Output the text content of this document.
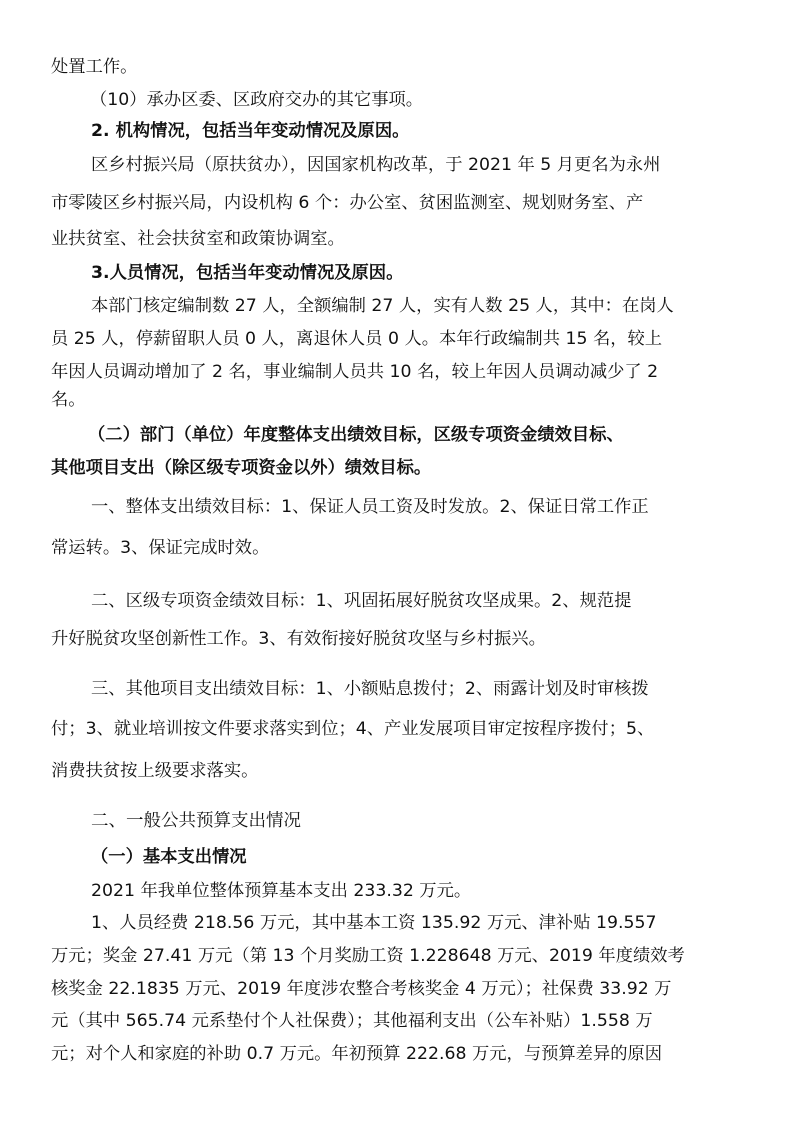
处置工作。
（10）承办区委、区政府交办的其它事项。
2. 机构情况，包括当年变动情况及原因。
区乡村振兴局（原扶贫办），因国家机构改革，于 2021 年 5 月更名为永州
市零陵区乡村振兴局，内设机构 6 个：办公室、贫困监测室、规划财务室、产
业扶贫室、社会扶贫室和政策协调室。
3.人员情况，包括当年变动情况及原因。
本部门核定编制数 27 人，全额编制 27 人，实有人数 25 人，其中：在岗人
员 25 人，停薪留职人员 0 人，离退休人员 0 人。本年行政编制共 15 名，较上
年因人员调动增加了 2 名，事业编制人员共 10 名，较上年因人员调动减少了 2
名。
（二）部门（单位）年度整体支出绩效目标，区级专项资金绩效目标、
其他项目支出（除区级专项资金以外）绩效目标。
一、整体支出绩效目标：1、保证人员工资及时发放。2、保证日常工作正
常运转。3、保证完成时效。
二、区级专项资金绩效目标：1、巩固拓展好脱贫攻坚成果。2、规范提
升好脱贫攻坚创新性工作。3、有效衔接好脱贫攻坚与乡村振兴。
三、其他项目支出绩效目标：1、小额贴息拨付；2、雨露计划及时审核拨
付；3、就业培训按文件要求落实到位；4、产业发展项目审定按程序拨付；5、
消费扶贫按上级要求落实。
二、一般公共预算支出情况
（一）基本支出情况
2021 年我单位整体预算基本支出 233.32 万元。
1、人员经费 218.56 万元，其中基本工资 135.92 万元、津补贴 19.557
万元；奖金 27.41 万元（第 13 个月奖励工资 1.228648 万元、2019 年度绩效考
核奖金 22.1835 万元、2019 年度涉农整合考核奖金 4 万元）；社保费 33.92 万
元（其中 565.74 元系垫付个人社保费）；其他福利支出（公车补贴）1.558 万
元；对个人和家庭的补助 0.7 万元。年初预算 222.68 万元，与预算差异的原因
